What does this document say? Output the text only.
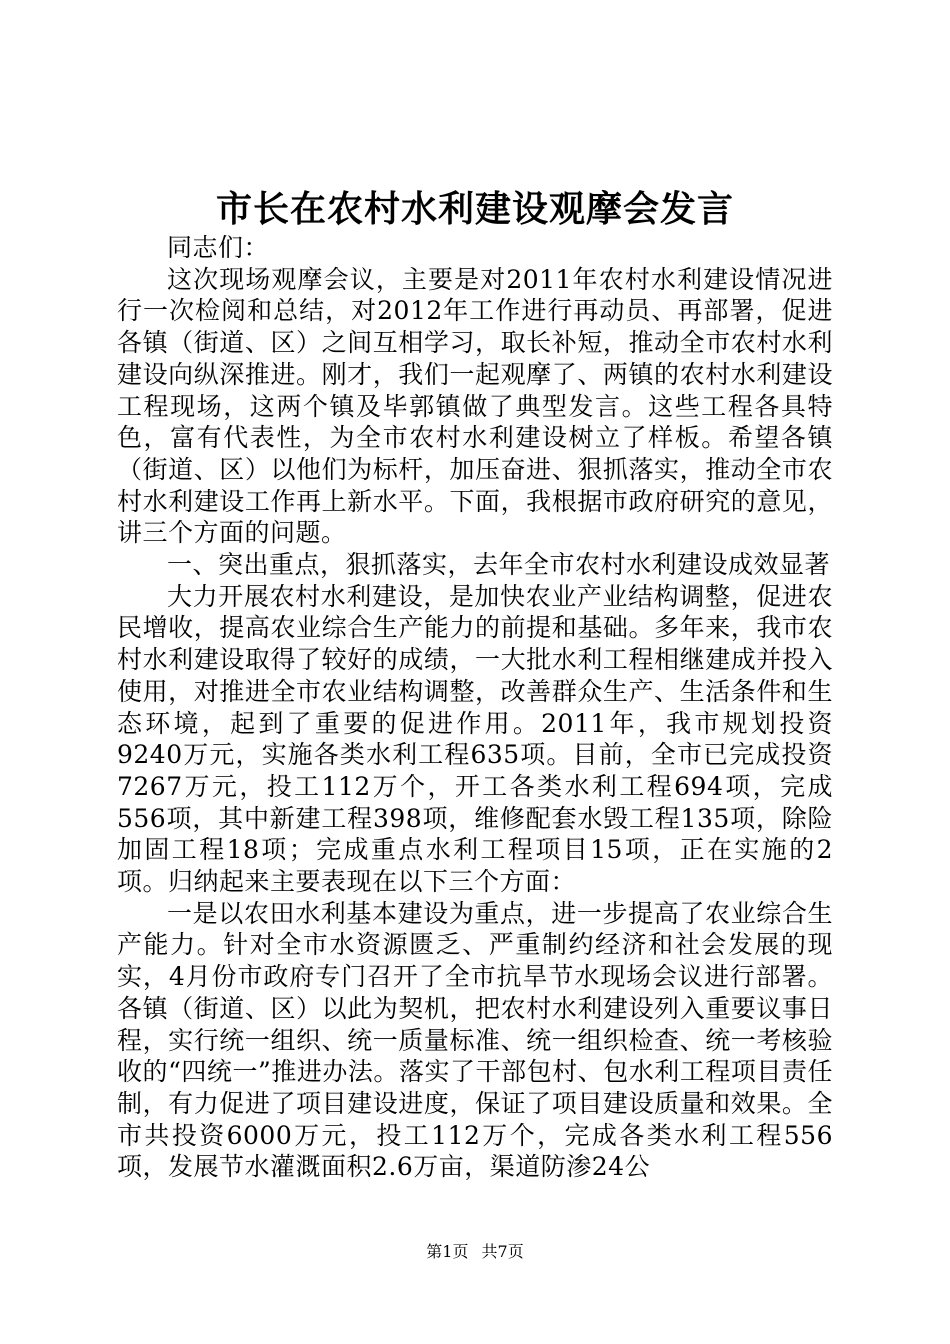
市长在农村水利建设观摩会发言

同志们：

这次现场观摩会议，主要是对2011年农村水利建设情况进行一次检阅和总结，对2012年工作进行再动员、再部署，促进各镇（街道、区）之间互相学习，取长补短，推动全市农村水利建设向纵深推进。刚才，我们一起观摩了、两镇的农村水利建设工程现场，这两个镇及毕郭镇做了典型发言。这些工程各具特色，富有代表性，为全市农村水利建设树立了样板。希望各镇（街道、区）以他们为标杆，加压奋进、狠抓落实，推动全市农村水利建设工作再上新水平。下面，我根据市政府研究的意见，讲三个方面的问题。

一、突出重点，狠抓落实，去年全市农村水利建设成效显著

大力开展农村水利建设，是加快农业产业结构调整，促进农民增收，提高农业综合生产能力的前提和基础。多年来，我市农村水利建设取得了较好的成绩，一大批水利工程相继建成并投入使用，对推进全市农业结构调整，改善群众生产、生活条件和生态环境，起到了重要的促进作用。2011年，我市规划投资9240万元，实施各类水利工程635项。目前，全市已完成投资7267万元，投工112万个，开工各类水利工程694项，完成556项，其中新建工程398项，维修配套水毁工程135项，除险加固工程18项；完成重点水利工程项目15项，正在实施的2项。归纳起来主要表现在以下三个方面：

一是以农田水利基本建设为重点，进一步提高了农业综合生产能力。针对全市水资源匮乏、严重制约经济和社会发展的现实，4月份市政府专门召开了全市抗旱节水现场会议进行部署。各镇（街道、区）以此为契机，把农村水利建设列入重要议事日程，实行统一组织、统一质量标准、统一组织检查、统一考核验收的“四统一”推进办法。落实了干部包村、包水利工程项目责任制，有力促进了项目建设进度，保证了项目建设质量和效果。全市共投资6000万元，投工112万个，完成各类水利工程556项，发展节水灌溉面积2.6万亩，渠道防渗24公

第1页 共7页
